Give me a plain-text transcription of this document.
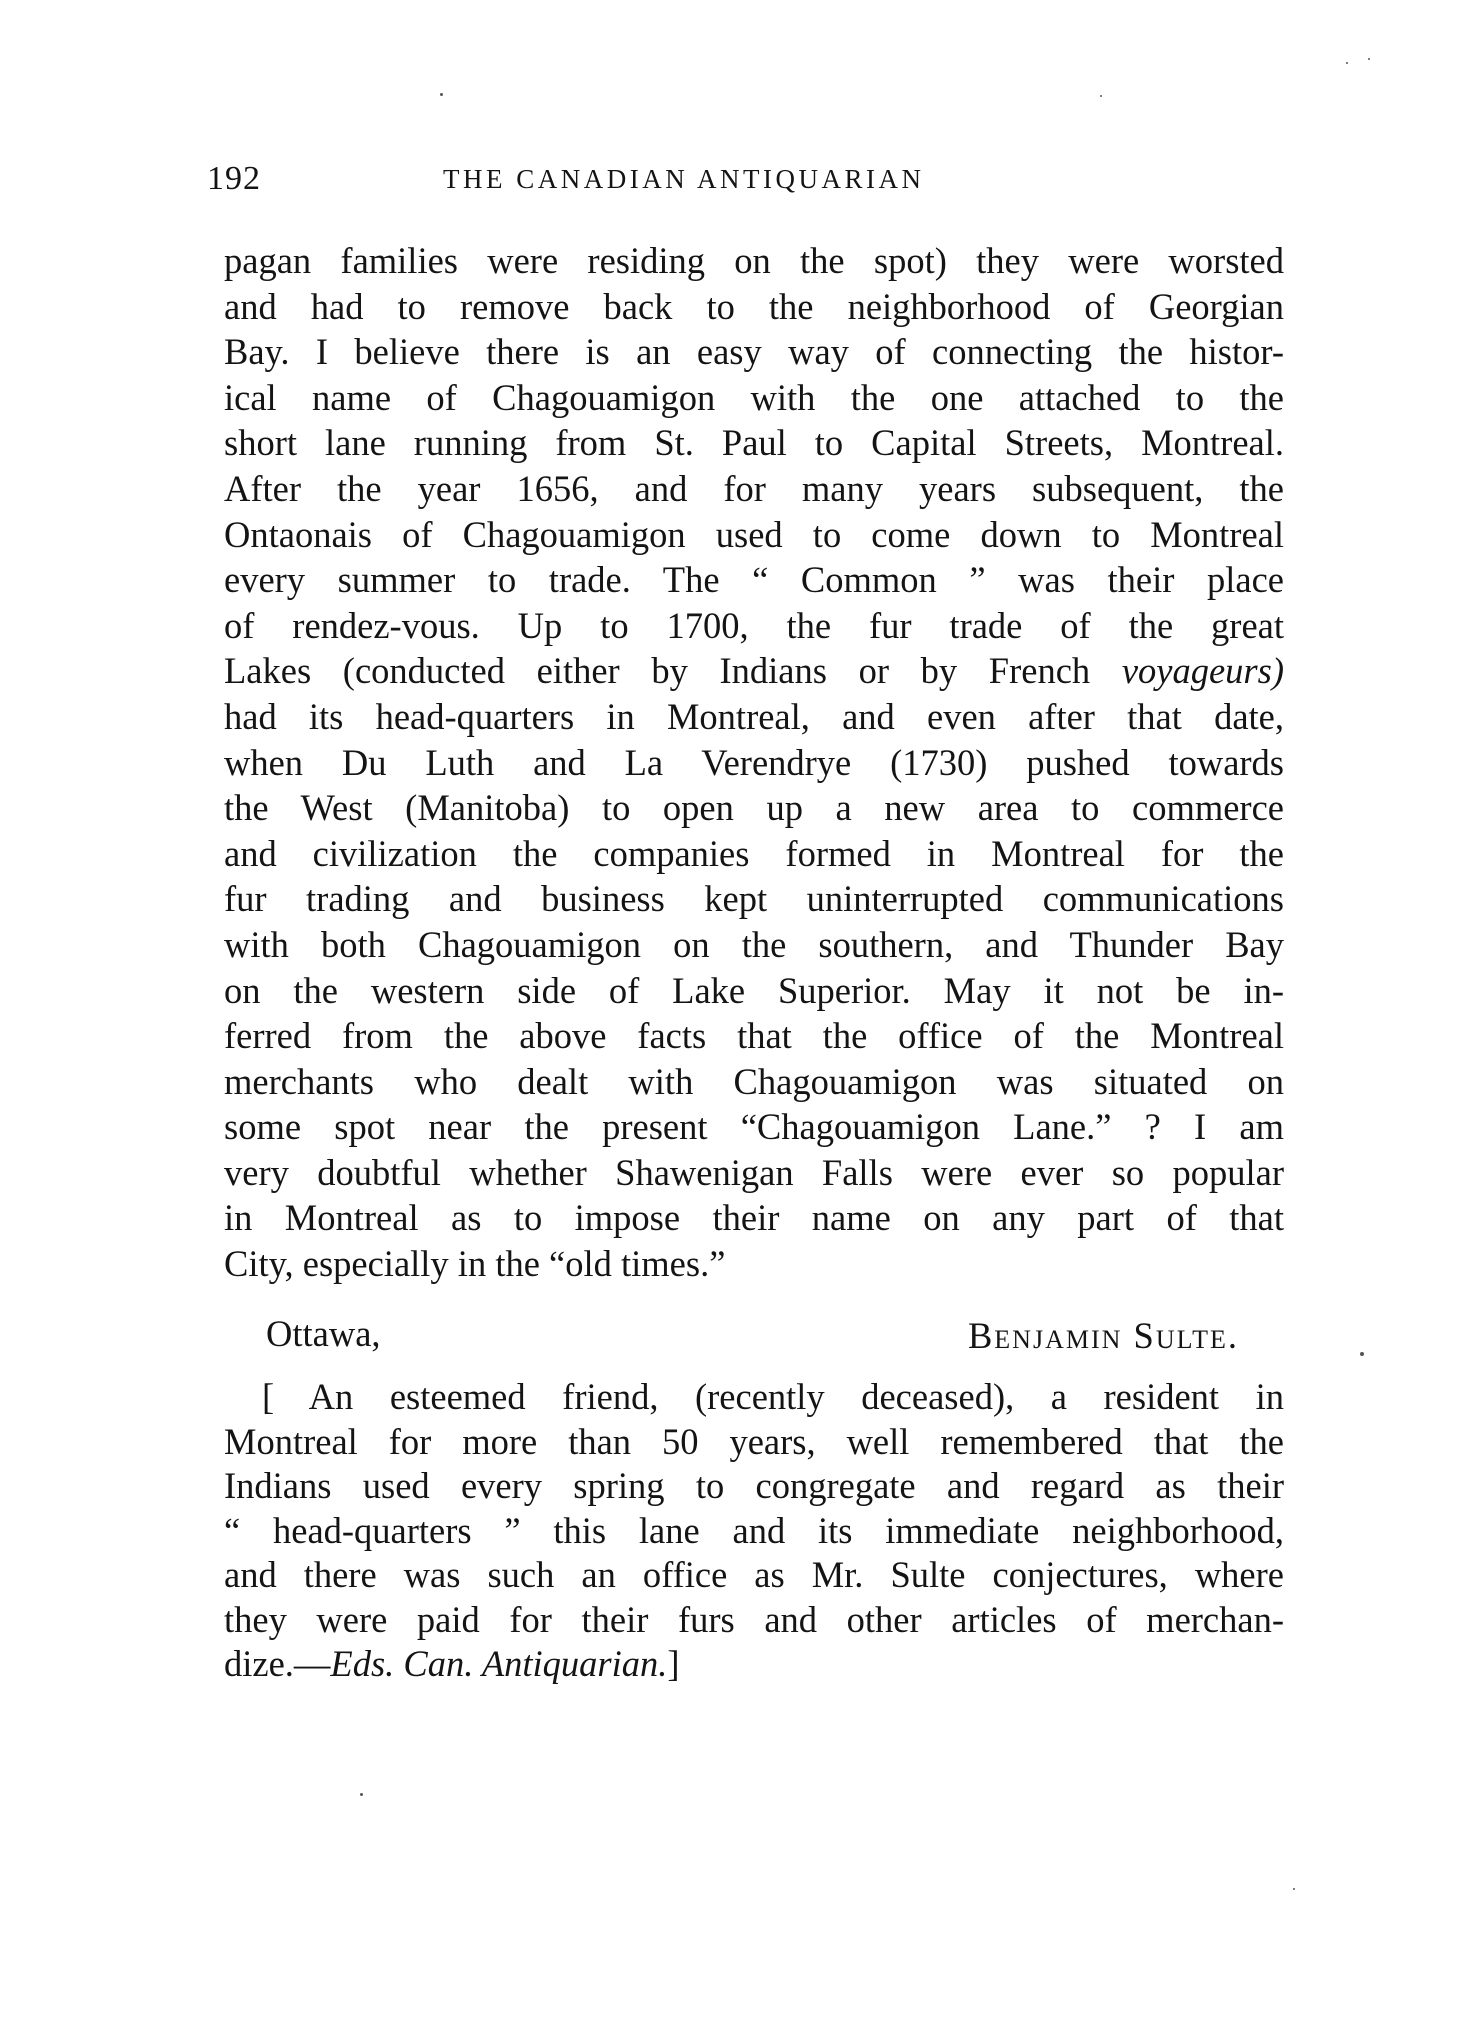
192	THE CANADIAN ANTIQUARIAN
pagan families were residing on the spot) they were worsted
and had to remove back to the neighborhood of Georgian
Bay. I believe there is an easy way of connecting the histor-
ical name of Chagouamigon with the one attached to the
short lane running from St. Paul to Capital Streets, Montreal.
After the year 1656, and for many years subsequent, the
Ontaonais of Chagouamigon used to come down to Montreal
every summer to trade. The “ Common ” was their place
of rendez-vous. Up to 1700, the fur trade of the great
Lakes (conducted either by Indians or by French voyageurs)
had its head-quarters in Montreal, and even after that date,
when Du Luth and La Verendrye (1730) pushed towards
the West (Manitoba) to open up a new area to commerce
and civilization the companies formed in Montreal for the
fur trading and business kept uninterrupted communications
with both Chagouamigon on the southern, and Thunder Bay
on the western side of Lake Superior. May it not be in-
ferred from the above facts that the office of the Montreal
merchants who dealt with Chagouamigon was situated on
some spot near the present “Chagouamigon Lane.” ? I am
very doubtful whether Shawenigan Falls were ever so popular
in Montreal as to impose their name on any part of that
City, especially in the “old times.”
Ottawa,	Benjamin Sulte.
[ An esteemed friend, (recently deceased), a resident in
Montreal for more than 50 years, well remembered that the
Indians used every spring to congregate and regard as their
“ head-quarters ” this lane and its immediate neighborhood,
and there was such an office as Mr. Sulte conjectures, where
they were paid for their furs and other articles of merchan-
dize.—Eds. Can. Antiquarian.]
